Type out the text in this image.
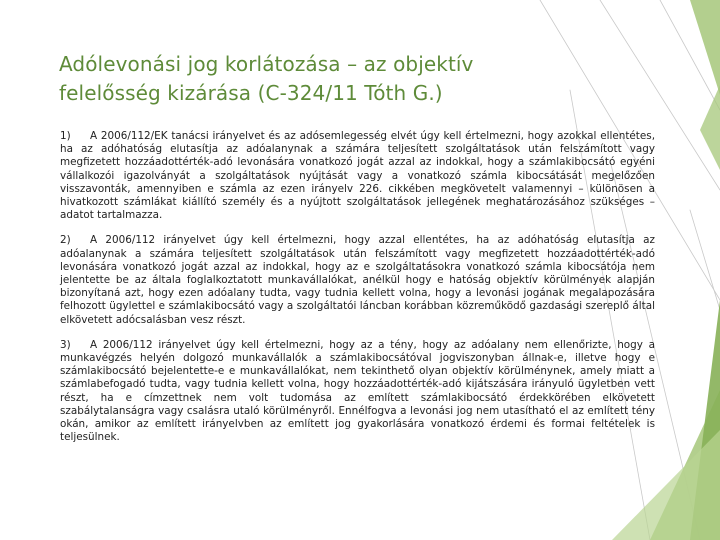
Adólevonási jog korlátozása – az objektív felelősség kizárása (C-324/11 Tóth G.)
1) A 2006/112/EK tanácsi irányelvet és az adósemlegesség elvét úgy kell értelmezni, hogy azokkal ellentétes, ha az adóhatóság elutasítja az adóalanynak a számára teljesített szolgáltatások után felszámított vagy megfizetett hozzáadottérték-adó levonására vonatkozó jogát azzal az indokkal, hogy a számlakibocsátó egyéni vállalkozói igazolványát a szolgáltatások nyújtását vagy a vonatkozó számla kibocsátását megelőzően visszavonták, amennyiben e számla az ezen irányelv 226. cikkében megkövetelt valamennyi – különösen a hivatkozott számlákat kiállító személy és a nyújtott szolgáltatások jellegének meghatározásához szükséges – adatot tartalmazza.
2) A 2006/112 irányelvet úgy kell értelmezni, hogy azzal ellentétes, ha az adóhatóság elutasítja az adóalanynak a számára teljesített szolgáltatások után felszámított vagy megfizetett hozzáadottérték-adó levonására vonatkozó jogát azzal az indokkal, hogy az e szolgáltatásokra vonatkozó számla kibocsátója nem jelentette be az általa foglalkoztatott munkavállalókat, anélkül hogy e hatóság objektív körülmények alapján bizonyítaná azt, hogy ezen adóalany tudta, vagy tudnia kellett volna, hogy a levonási jogának megalapozására felhozott ügylettel e számlakibocsátó vagy a szolgáltatói láncban korábban közreműködő gazdasági szereplő által elkövetett adócsalásban vesz részt.
3) A 2006/112 irányelvet úgy kell értelmezni, hogy az a tény, hogy az adóalany nem ellenőrizte, hogy a munkavégzés helyén dolgozó munkavállalók a számlakibocsátóval jogviszonyban állnak-e, illetve hogy e számlakibocsátó bejelentette-e e munkavállalókat, nem tekinthető olyan objektív körülménynek, amely miatt a számlabefogadó tudta, vagy tudnia kellett volna, hogy hozzáadottérték-adó kijátszására irányuló ügyletben vett részt, ha e címzettnek nem volt tudomása az említett számlakibocsátó érdekkörében elkövetett szabálytalanságra vagy csalásra utaló körülményről. Ennélfogva a levonási jog nem utasítható el az említett tény okán, amikor az említett irányelvben az említett jog gyakorlására vonatkozó érdemi és formai feltételek is teljesülnek.
